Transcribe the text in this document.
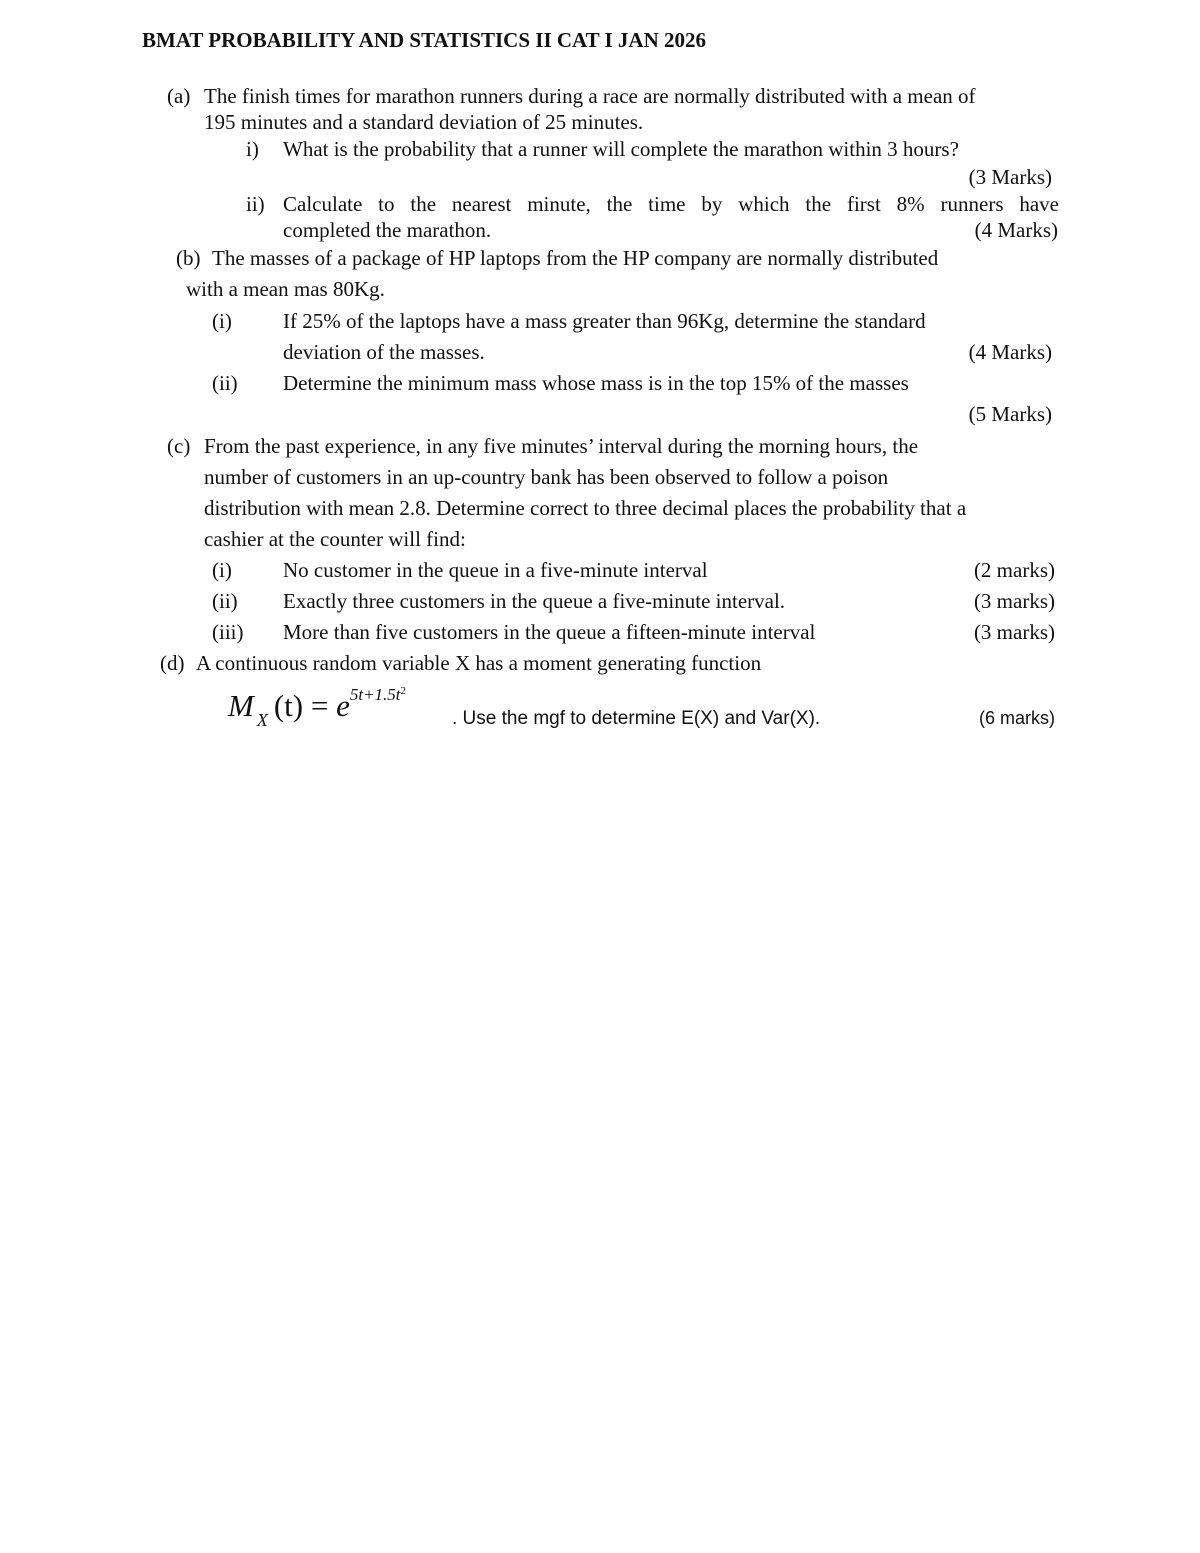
BMAT PROBABILITY AND STATISTICS II CAT I JAN 2026
(a) The finish times for marathon runners during a race are normally distributed with a mean of
195 minutes and a standard deviation of 25 minutes.
i) What is the probability that a runner will complete the marathon within 3 hours?
(3 Marks)
ii) Calculate to the nearest minute, the time by which the first 8% runners have
completed the marathon.	(4 Marks)
(b) The masses of a package of HP laptops from the HP company are normally distributed
with a mean mas 80Kg.
(i) If 25% of the laptops have a mass greater than 96Kg, determine the standard
deviation of the masses.	(4 Marks)
(ii) Determine the minimum mass whose mass is in the top 15% of the masses
(5 Marks)
(c) From the past experience, in any five minutes’ interval during the morning hours, the
number of customers in an up-country bank has been observed to follow a poison
distribution with mean 2.8. Determine correct to three decimal places the probability that a
cashier at the counter will find:
(i) No customer in the queue in a five-minute interval	(2 marks)
(ii) Exactly three customers in the queue a five-minute interval.	(3 marks)
(iii) More than five customers in the queue a fifteen-minute interval	(3 marks)
(d) A continuous random variable X has a moment generating function
M X $(t) = e^{5t+1.5t2}$
. Use the mgf to determine E(X) and Var(X).	(6 marks)
